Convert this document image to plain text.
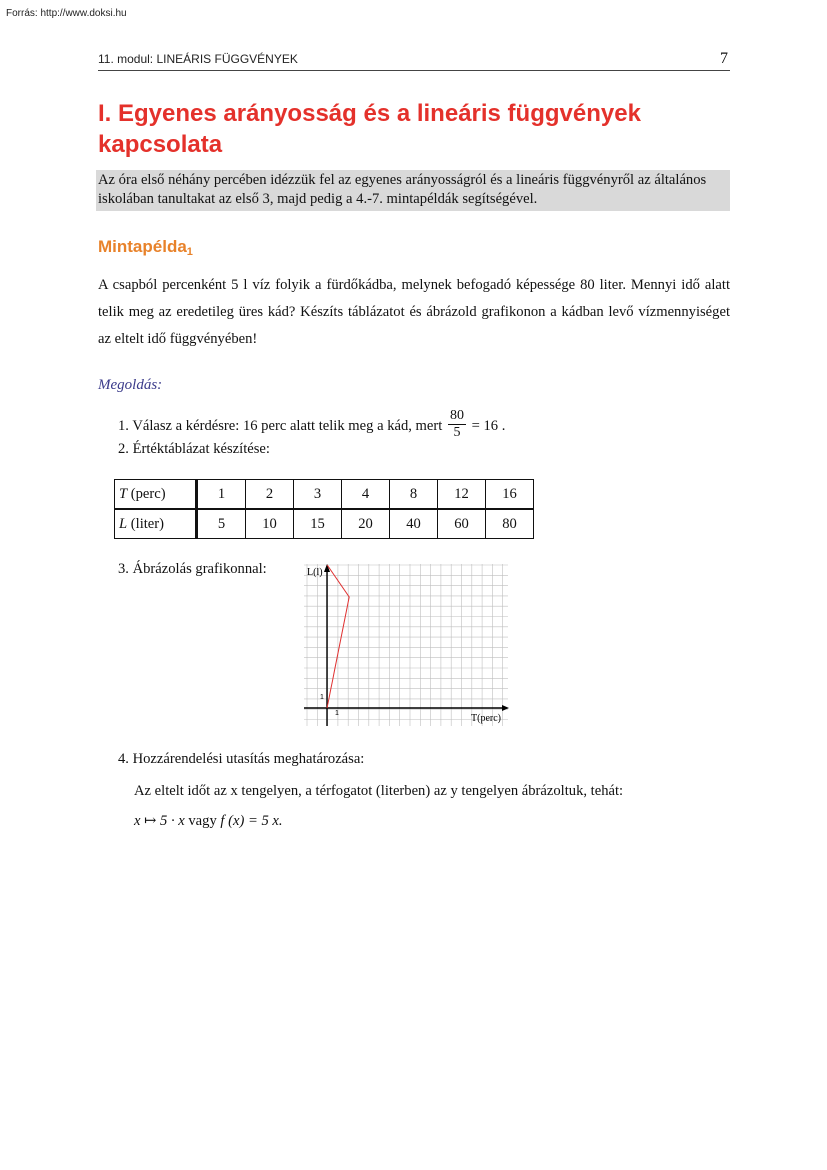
Forrás: http://www.doksi.hu
11. modul: LINEÁRIS FÜGGVÉNYEK	7
I. Egyenes arányosság és a lineáris függvények kapcsolata
Az óra első néhány percében idézzük fel az egyenes arányosságról és a lineáris függvényről az általános iskolában tanultakat az első 3, majd pedig a 4.-7. mintapéldák segítségével.
Mintapélda$_1$
A csapból percenként 5 l víz folyik a fürdőkádba, melynek befogadó képessége 80 liter. Mennyi idő alatt telik meg az eredetileg üres kád? Készíts táblázatot és ábrázold grafikonon a kádban levő vízmennyiséget az eltelt idő függvényében!
Megoldás:
1. Válasz a kérdésre: 16 perc alatt telik meg a kád, mert $\frac{80}{5} = 16$ .
2. Értéktáblázat készítése:
T (perc)	1	2	3	4	8	12	16
L (liter)	5	10	15	20	40	60	80
3. Ábrázolás grafikonnal:	L(l)
T(perc)
1
1
4. Hozzárendelési utasítás meghatározása:
Az eltelt időt az x tengelyen, a térfogatot (literben) az y tengelyen ábrázoltuk, tehát:
x ↦ 5 · x vagy f (x) = 5 x.
